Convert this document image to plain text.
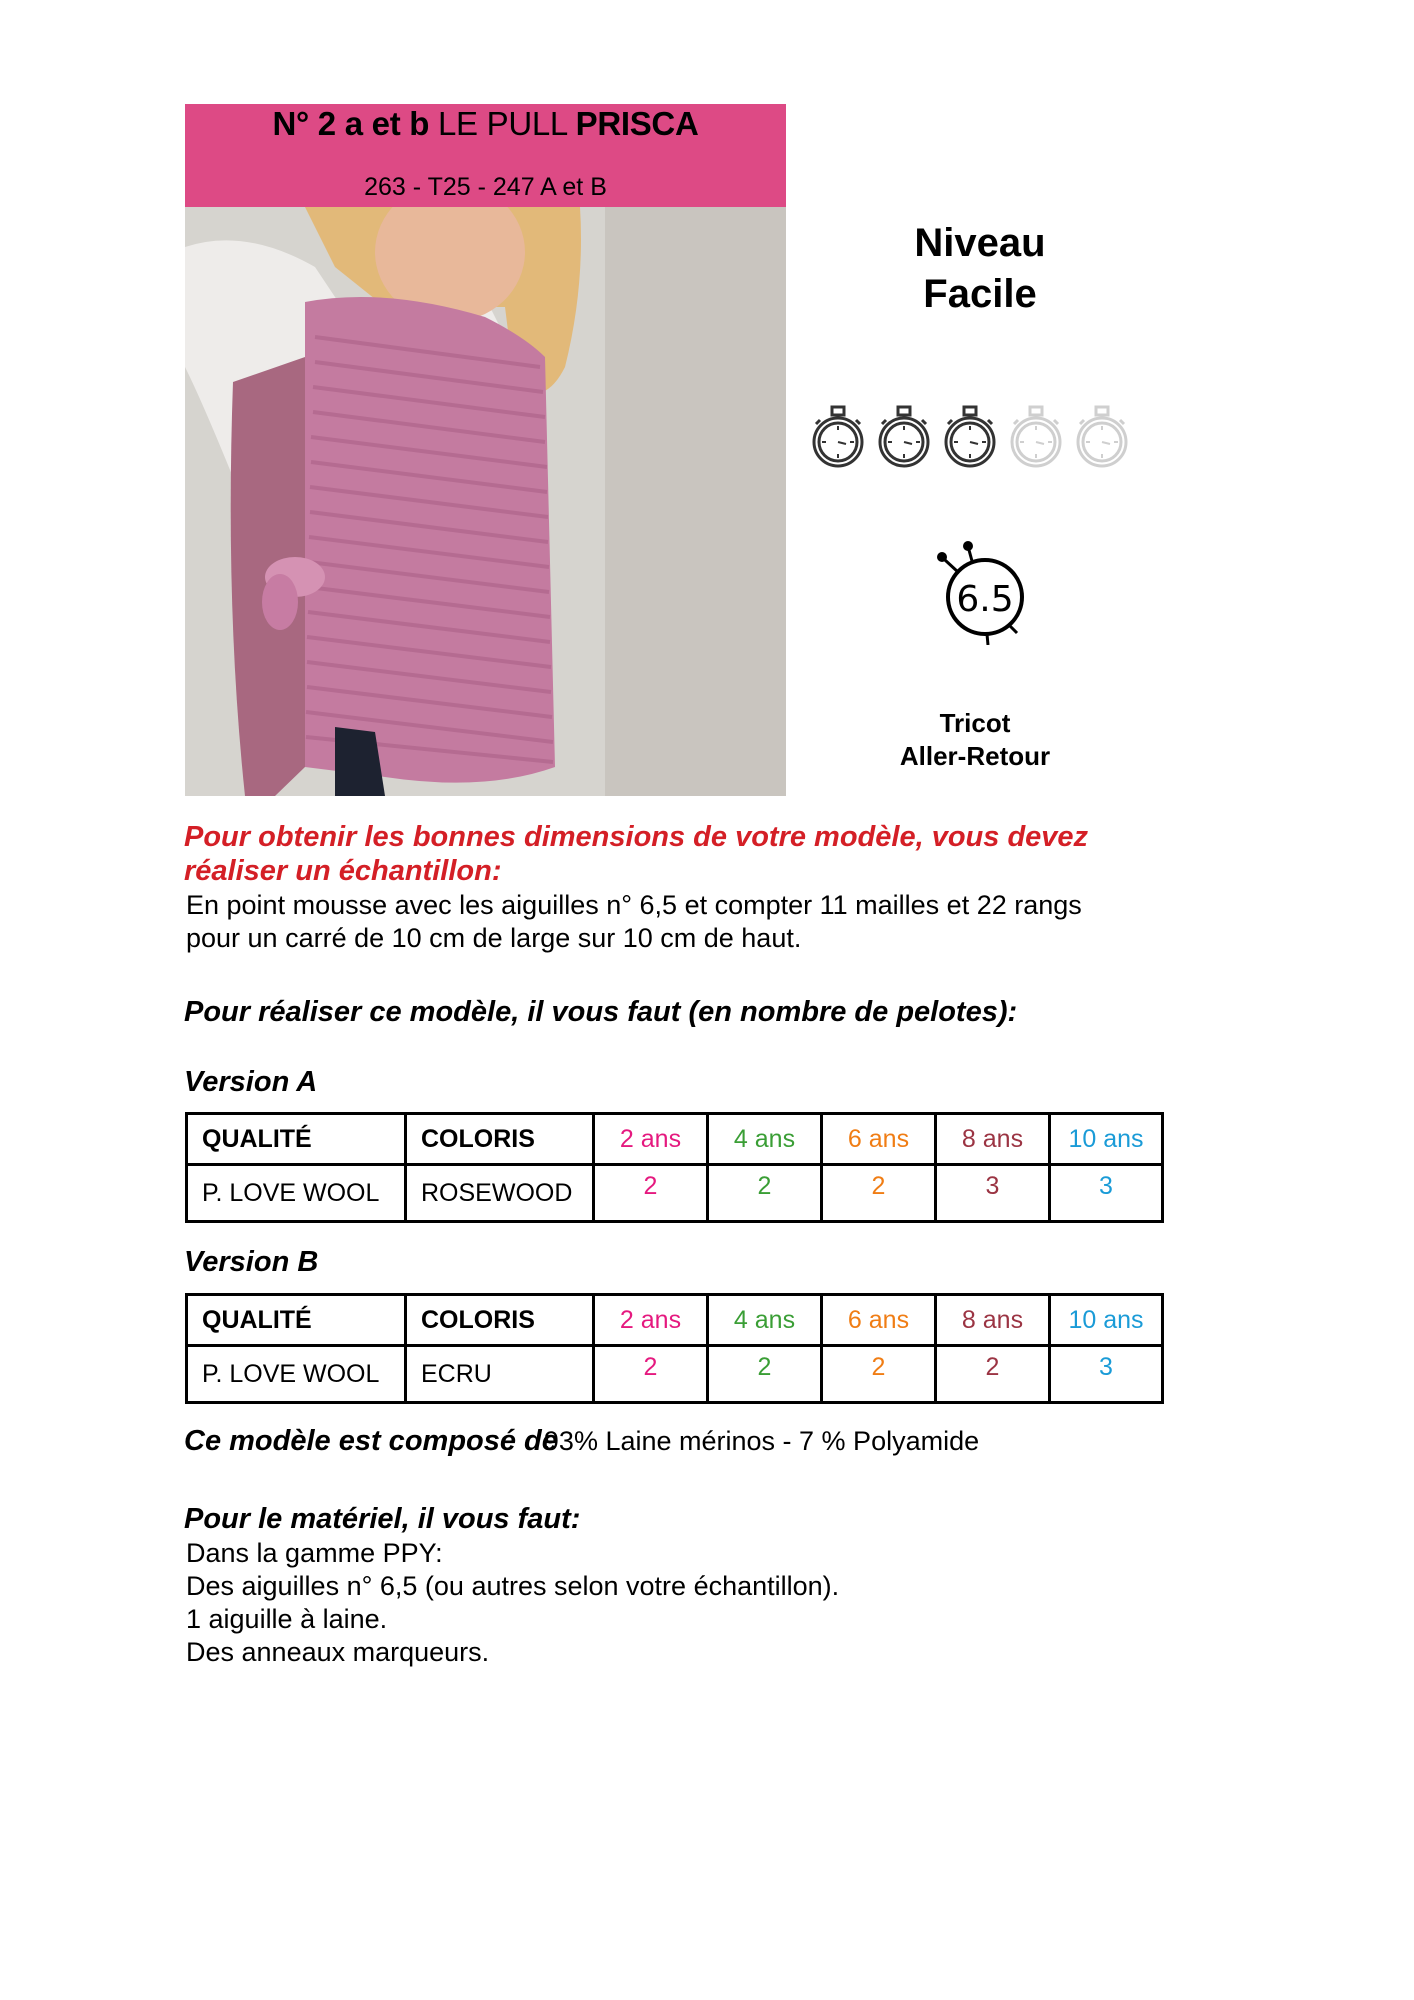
N° 2 a et b LE PULL PRISCA
263 - T25 - 247 A et B
Niveau
Facile
6.5
Tricot
Aller-Retour
Pour obtenir les bonnes dimensions de votre modèle, vous devez réaliser un échantillon:
En point mousse avec les aiguilles n° 6,5 et compter 11 mailles et 22 rangs
pour un carré de 10 cm de large sur 10 cm de haut.
Pour réaliser ce modèle, il vous faut (en nombre de pelotes):
Version A
QUALITÉ	COLORIS	2 ans	4 ans	6 ans	8 ans	10 ans
P. LOVE WOOL	ROSEWOOD	2	2	2	3	3
Version B
QUALITÉ	COLORIS	2 ans	4 ans	6 ans	8 ans	10 ans
P. LOVE WOOL	ECRU	2	2	2	2	3
Ce modèle est composé de93% Laine mérinos - 7 % Polyamide
Pour le matériel, il vous faut:
Dans la gamme PPY:
Des aiguilles n° 6,5 (ou autres selon votre échantillon).
1 aiguille à laine.
Des anneaux marqueurs.
